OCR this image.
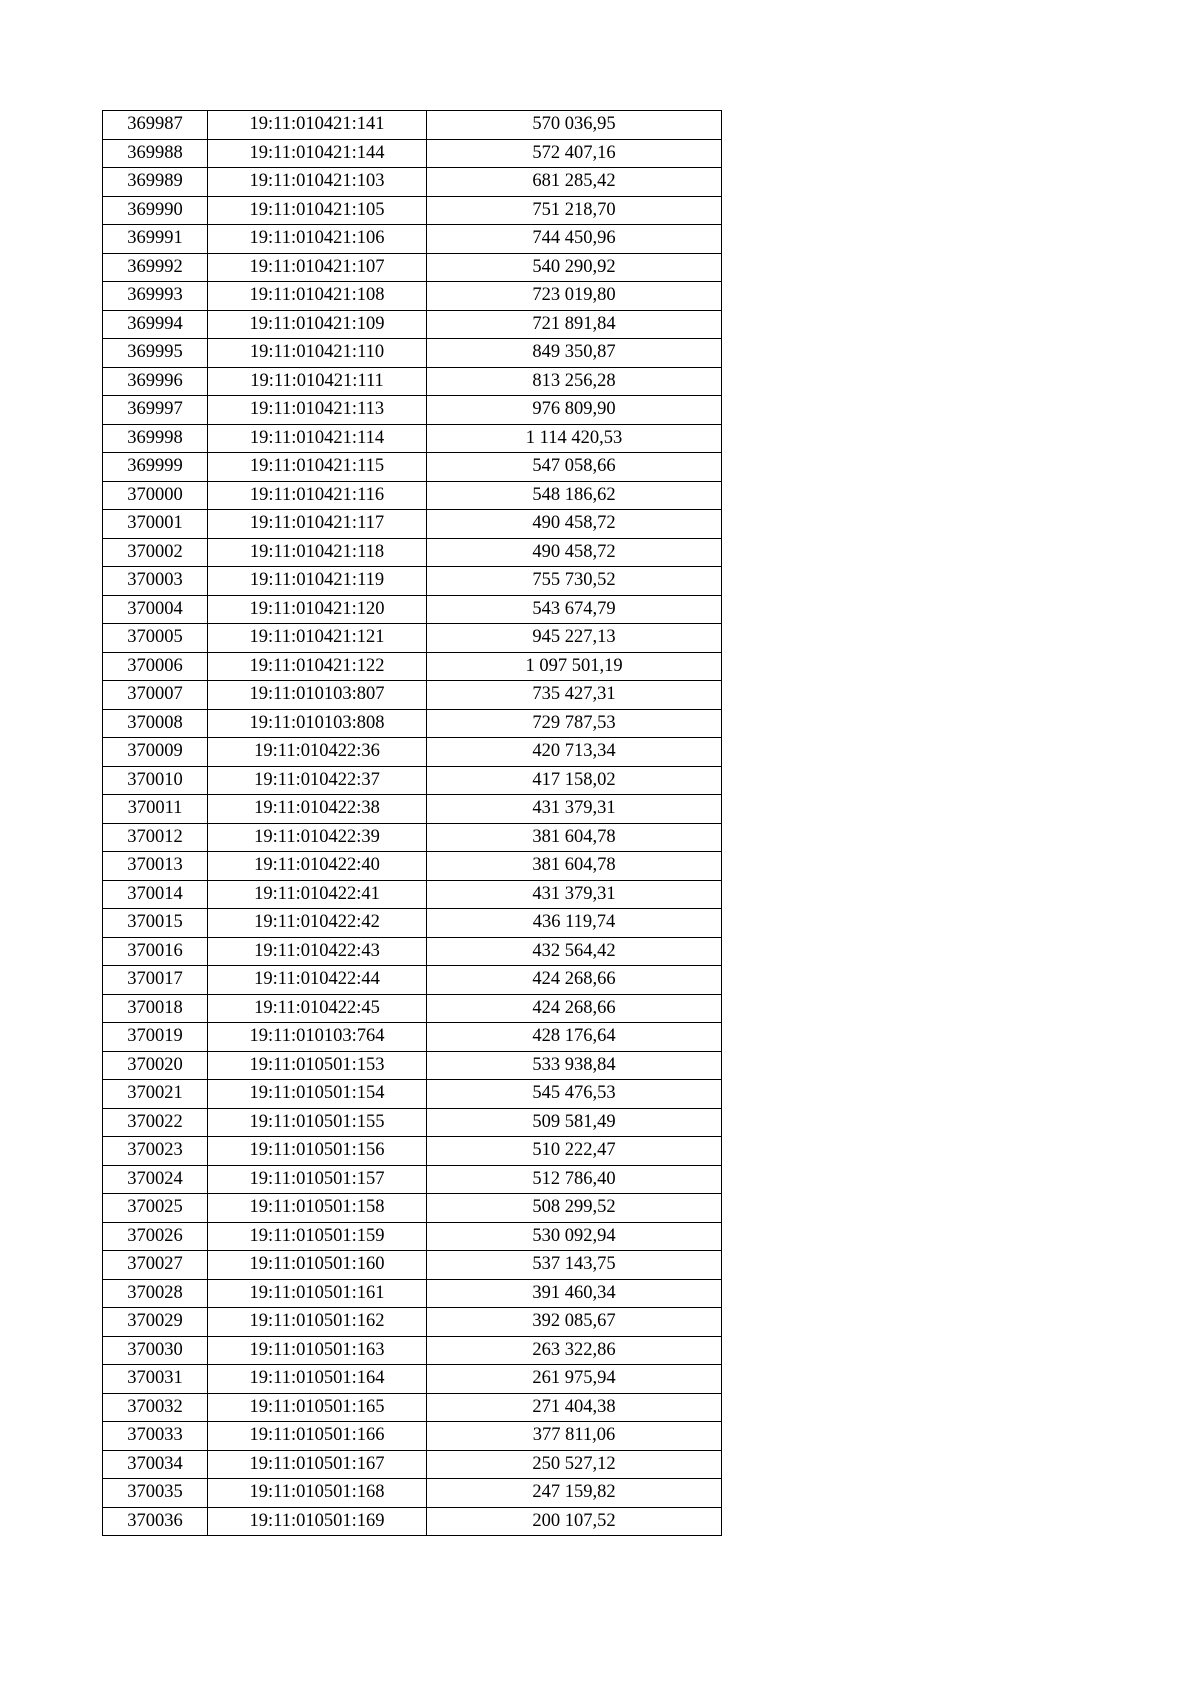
369987	19:11:010421:141	570 036,95
369988	19:11:010421:144	572 407,16
369989	19:11:010421:103	681 285,42
369990	19:11:010421:105	751 218,70
369991	19:11:010421:106	744 450,96
369992	19:11:010421:107	540 290,92
369993	19:11:010421:108	723 019,80
369994	19:11:010421:109	721 891,84
369995	19:11:010421:110	849 350,87
369996	19:11:010421:111	813 256,28
369997	19:11:010421:113	976 809,90
369998	19:11:010421:114	1 114 420,53
369999	19:11:010421:115	547 058,66
370000	19:11:010421:116	548 186,62
370001	19:11:010421:117	490 458,72
370002	19:11:010421:118	490 458,72
370003	19:11:010421:119	755 730,52
370004	19:11:010421:120	543 674,79
370005	19:11:010421:121	945 227,13
370006	19:11:010421:122	1 097 501,19
370007	19:11:010103:807	735 427,31
370008	19:11:010103:808	729 787,53
370009	19:11:010422:36	420 713,34
370010	19:11:010422:37	417 158,02
370011	19:11:010422:38	431 379,31
370012	19:11:010422:39	381 604,78
370013	19:11:010422:40	381 604,78
370014	19:11:010422:41	431 379,31
370015	19:11:010422:42	436 119,74
370016	19:11:010422:43	432 564,42
370017	19:11:010422:44	424 268,66
370018	19:11:010422:45	424 268,66
370019	19:11:010103:764	428 176,64
370020	19:11:010501:153	533 938,84
370021	19:11:010501:154	545 476,53
370022	19:11:010501:155	509 581,49
370023	19:11:010501:156	510 222,47
370024	19:11:010501:157	512 786,40
370025	19:11:010501:158	508 299,52
370026	19:11:010501:159	530 092,94
370027	19:11:010501:160	537 143,75
370028	19:11:010501:161	391 460,34
370029	19:11:010501:162	392 085,67
370030	19:11:010501:163	263 322,86
370031	19:11:010501:164	261 975,94
370032	19:11:010501:165	271 404,38
370033	19:11:010501:166	377 811,06
370034	19:11:010501:167	250 527,12
370035	19:11:010501:168	247 159,82
370036	19:11:010501:169	200 107,52
